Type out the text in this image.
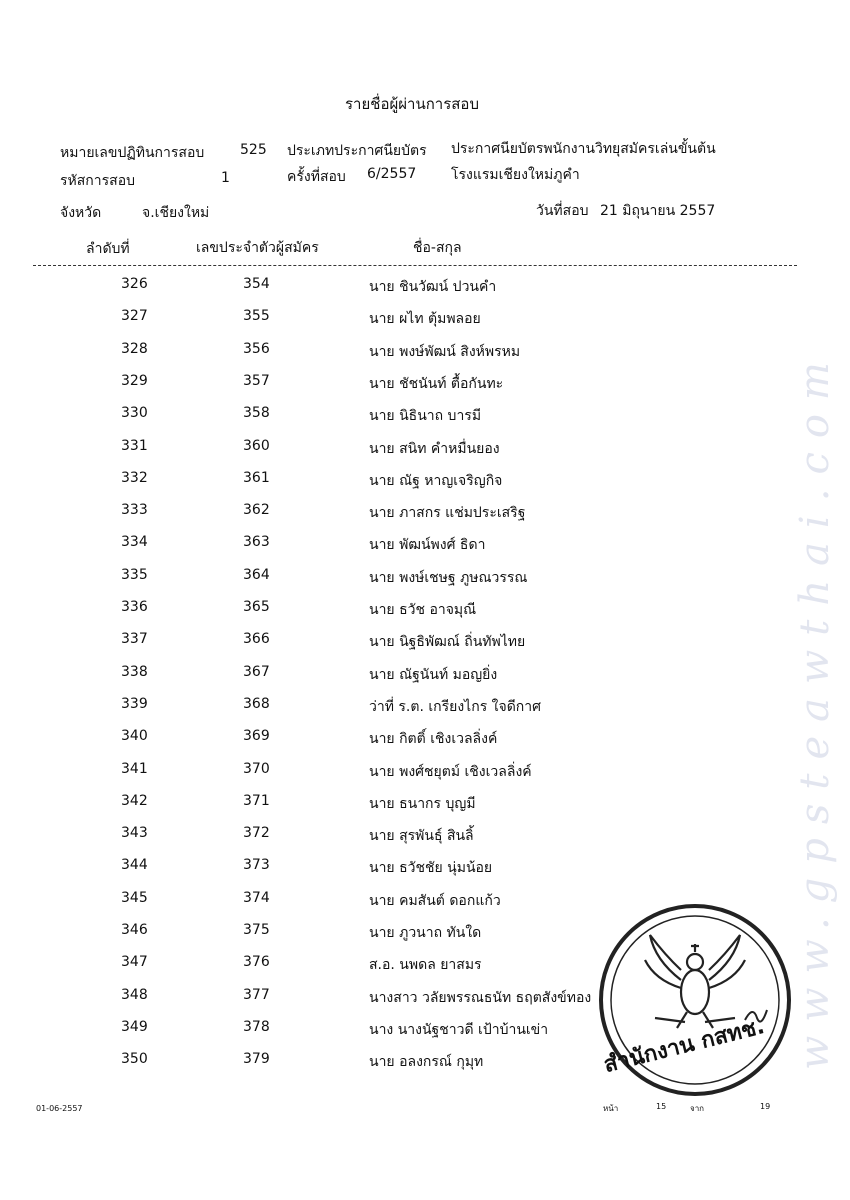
www.gpsteawthai.com
รายชื่อผู้ผ่านการสอบ
หมายเลขปฏิทินการสอบ	525 ประเภทประกาศนียบัตร ประกาศนียบัตรพนักงานวิทยุสมัครเล่นขั้นต้น
รหัสการสอบ	1	ครั้งที่สอบ 6/2557 โรงแรมเชียงใหม่ภูคำ
จังหวัด	จ.เชียงใหม่	วันที่สอบ 21 มิถุนายน 2557
ลำดับที่	เลขประจำตัวผู้สมัคร	ชื่อ-สกุล
326	354	นาย ชินวัฒน์ ปวนคำ
327	355	นาย ผไท ตุ้มพลอย
328	356	นาย พงษ์พัฒน์ สิงห์พรหม
329	357	นาย ชัชนันท์ ตื้อกันทะ
330	358	นาย นิธินาถ บารมี
331	360	นาย สนิท คำหมื่นยอง
332	361	นาย ณัฐ หาญเจริญกิจ
333	362	นาย ภาสกร แช่มประเสริฐ
334	363	นาย พัฒน์พงศ์ ธิดา
335	364	นาย พงษ์เชษฐ ภูษณวรรณ
336	365	นาย ธวัช อาจมุณี
337	366	นาย นิฐธิพัฒณ์ ถิ่นทัพไทย
338	367	นาย ณัฐนันท์ มอญยิ่ง
339	368	ว่าที่ ร.ต. เกรียงไกร ใจดีกาศ
340	369	นาย กิตติ์ เชิงเวลลิ่งค์
341	370	นาย พงศ์ชยุตม์ เชิงเวลลิ่งค์
342	371	นาย ธนากร บุญมี
343	372	นาย สุรพันธุ์ สินลิ้
344	373	นาย ธวัชชัย นุ่มน้อย
345	374	นาย คมสันต์ ดอกแก้ว
346	375	นาย ภูวนาถ ทันใด
347	376	ส.อ. นพดล ยาสมร
348	377	นางสาว วลัยพรรณธนัท ธฤตสังข์ทอง
349	378	นาง นางนัฐชาวดี เป้าบ้านเข่า
350	379	นาย อลงกรณ์ กุมุท	สำนักงาน กสทช.
01-06-2557	หน้า	15	จาก	19
